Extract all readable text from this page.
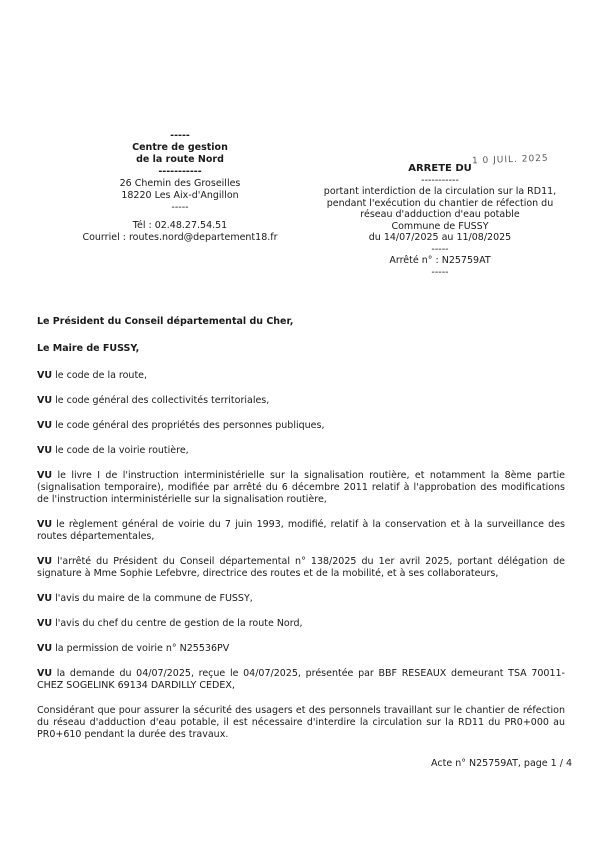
-----
Centre de gestion
de la route Nord
-----------
26 Chemin des Groseilles
18220 Les Aix-d'Angillon
-----
Tél : 02.48.27.54.51
Courriel : routes.nord@departement18.fr
ARRETE DU
1 0 JUIL. 2025
-----------
portant interdiction de la circulation sur la RD11,
pendant l'exécution du chantier de réfection du
réseau d'adduction d'eau potable
Commune de FUSSY
du 14/07/2025 au 11/08/2025
-----
Arrêté n° : N25759AT
-----

Le Président du Conseil départemental du Cher,

Le Maire de FUSSY,

VU le code de la route,

VU le code général des collectivités territoriales,

VU le code général des propriétés des personnes publiques,

VU le code de la voirie routière,

VU le livre I de l'instruction interministérielle sur la signalisation routière, et notamment la 8ème partie (signalisation temporaire), modifiée par arrêté du 6 décembre 2011 relatif à l'approbation des modifications de l'instruction interministérielle sur la signalisation routière,

VU le règlement général de voirie du 7 juin 1993, modifié, relatif à la conservation et à la surveillance des routes départementales,

VU l'arrêté du Président du Conseil départemental n° 138/2025 du 1er avril 2025, portant délégation de signature à Mme Sophie Lefebvre, directrice des routes et de la mobilité, et à ses collaborateurs,

VU l'avis du maire de la commune de FUSSY,

VU l'avis du chef du centre de gestion de la route Nord,

VU la permission de voirie n° N25536PV

VU la demande du 04/07/2025, reçue le 04/07/2025, présentée par BBF RESEAUX demeurant TSA 70011-CHEZ SOGELINK 69134 DARDILLY CEDEX,

Considérant que pour assurer la sécurité des usagers et des personnels travaillant sur le chantier de réfection du réseau d'adduction d'eau potable, il est nécessaire d'interdire la circulation sur la RD11 du PR0+000 au PR0+610 pendant la durée des travaux.

Acte n° N25759AT, page 1 / 4
